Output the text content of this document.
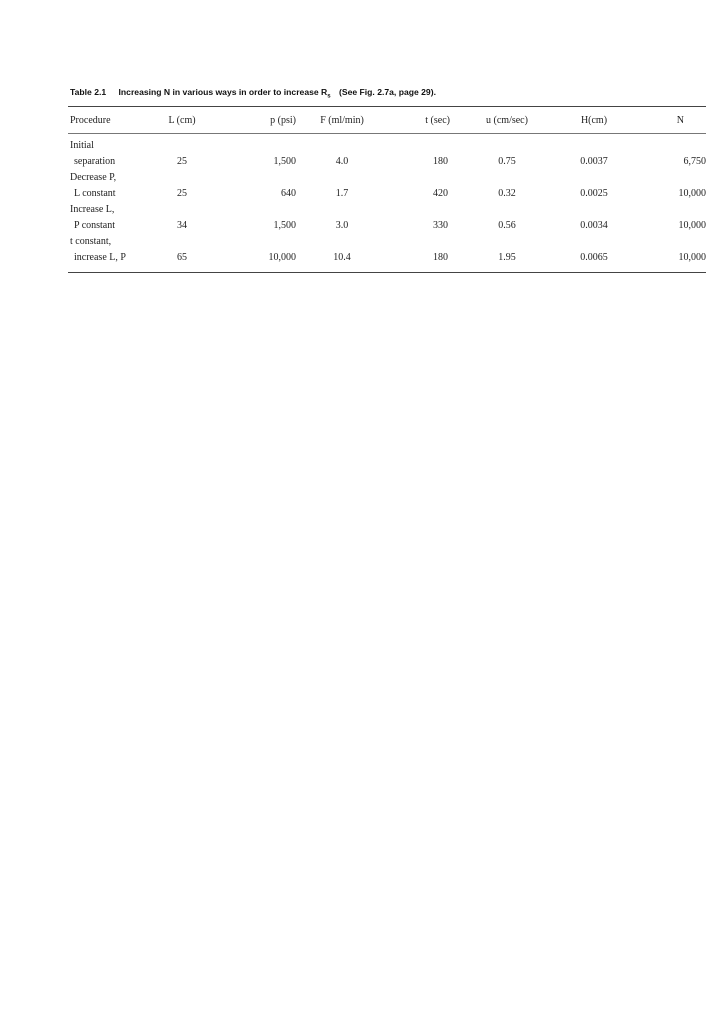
Table 2.1 Increasing N in various ways in order to increase $R_s$ (See Fig. 2.7a, page 29).
Procedure	L (cm)	p (psi)	F (ml/min)	t (sec)	u (cm/sec)	H(cm)	N

Initial							
separation	25	1,500	4.0	180	0.75	0.0037	6,750
Decrease P,							
L constant	25	640	1.7	420	0.32	0.0025	10,000
Increase L,							
P constant	34	1,500	3.0	330	0.56	0.0034	10,000
t constant,							
increase L, P	65	10,000	10.4	180	1.95	0.0065	10,000
